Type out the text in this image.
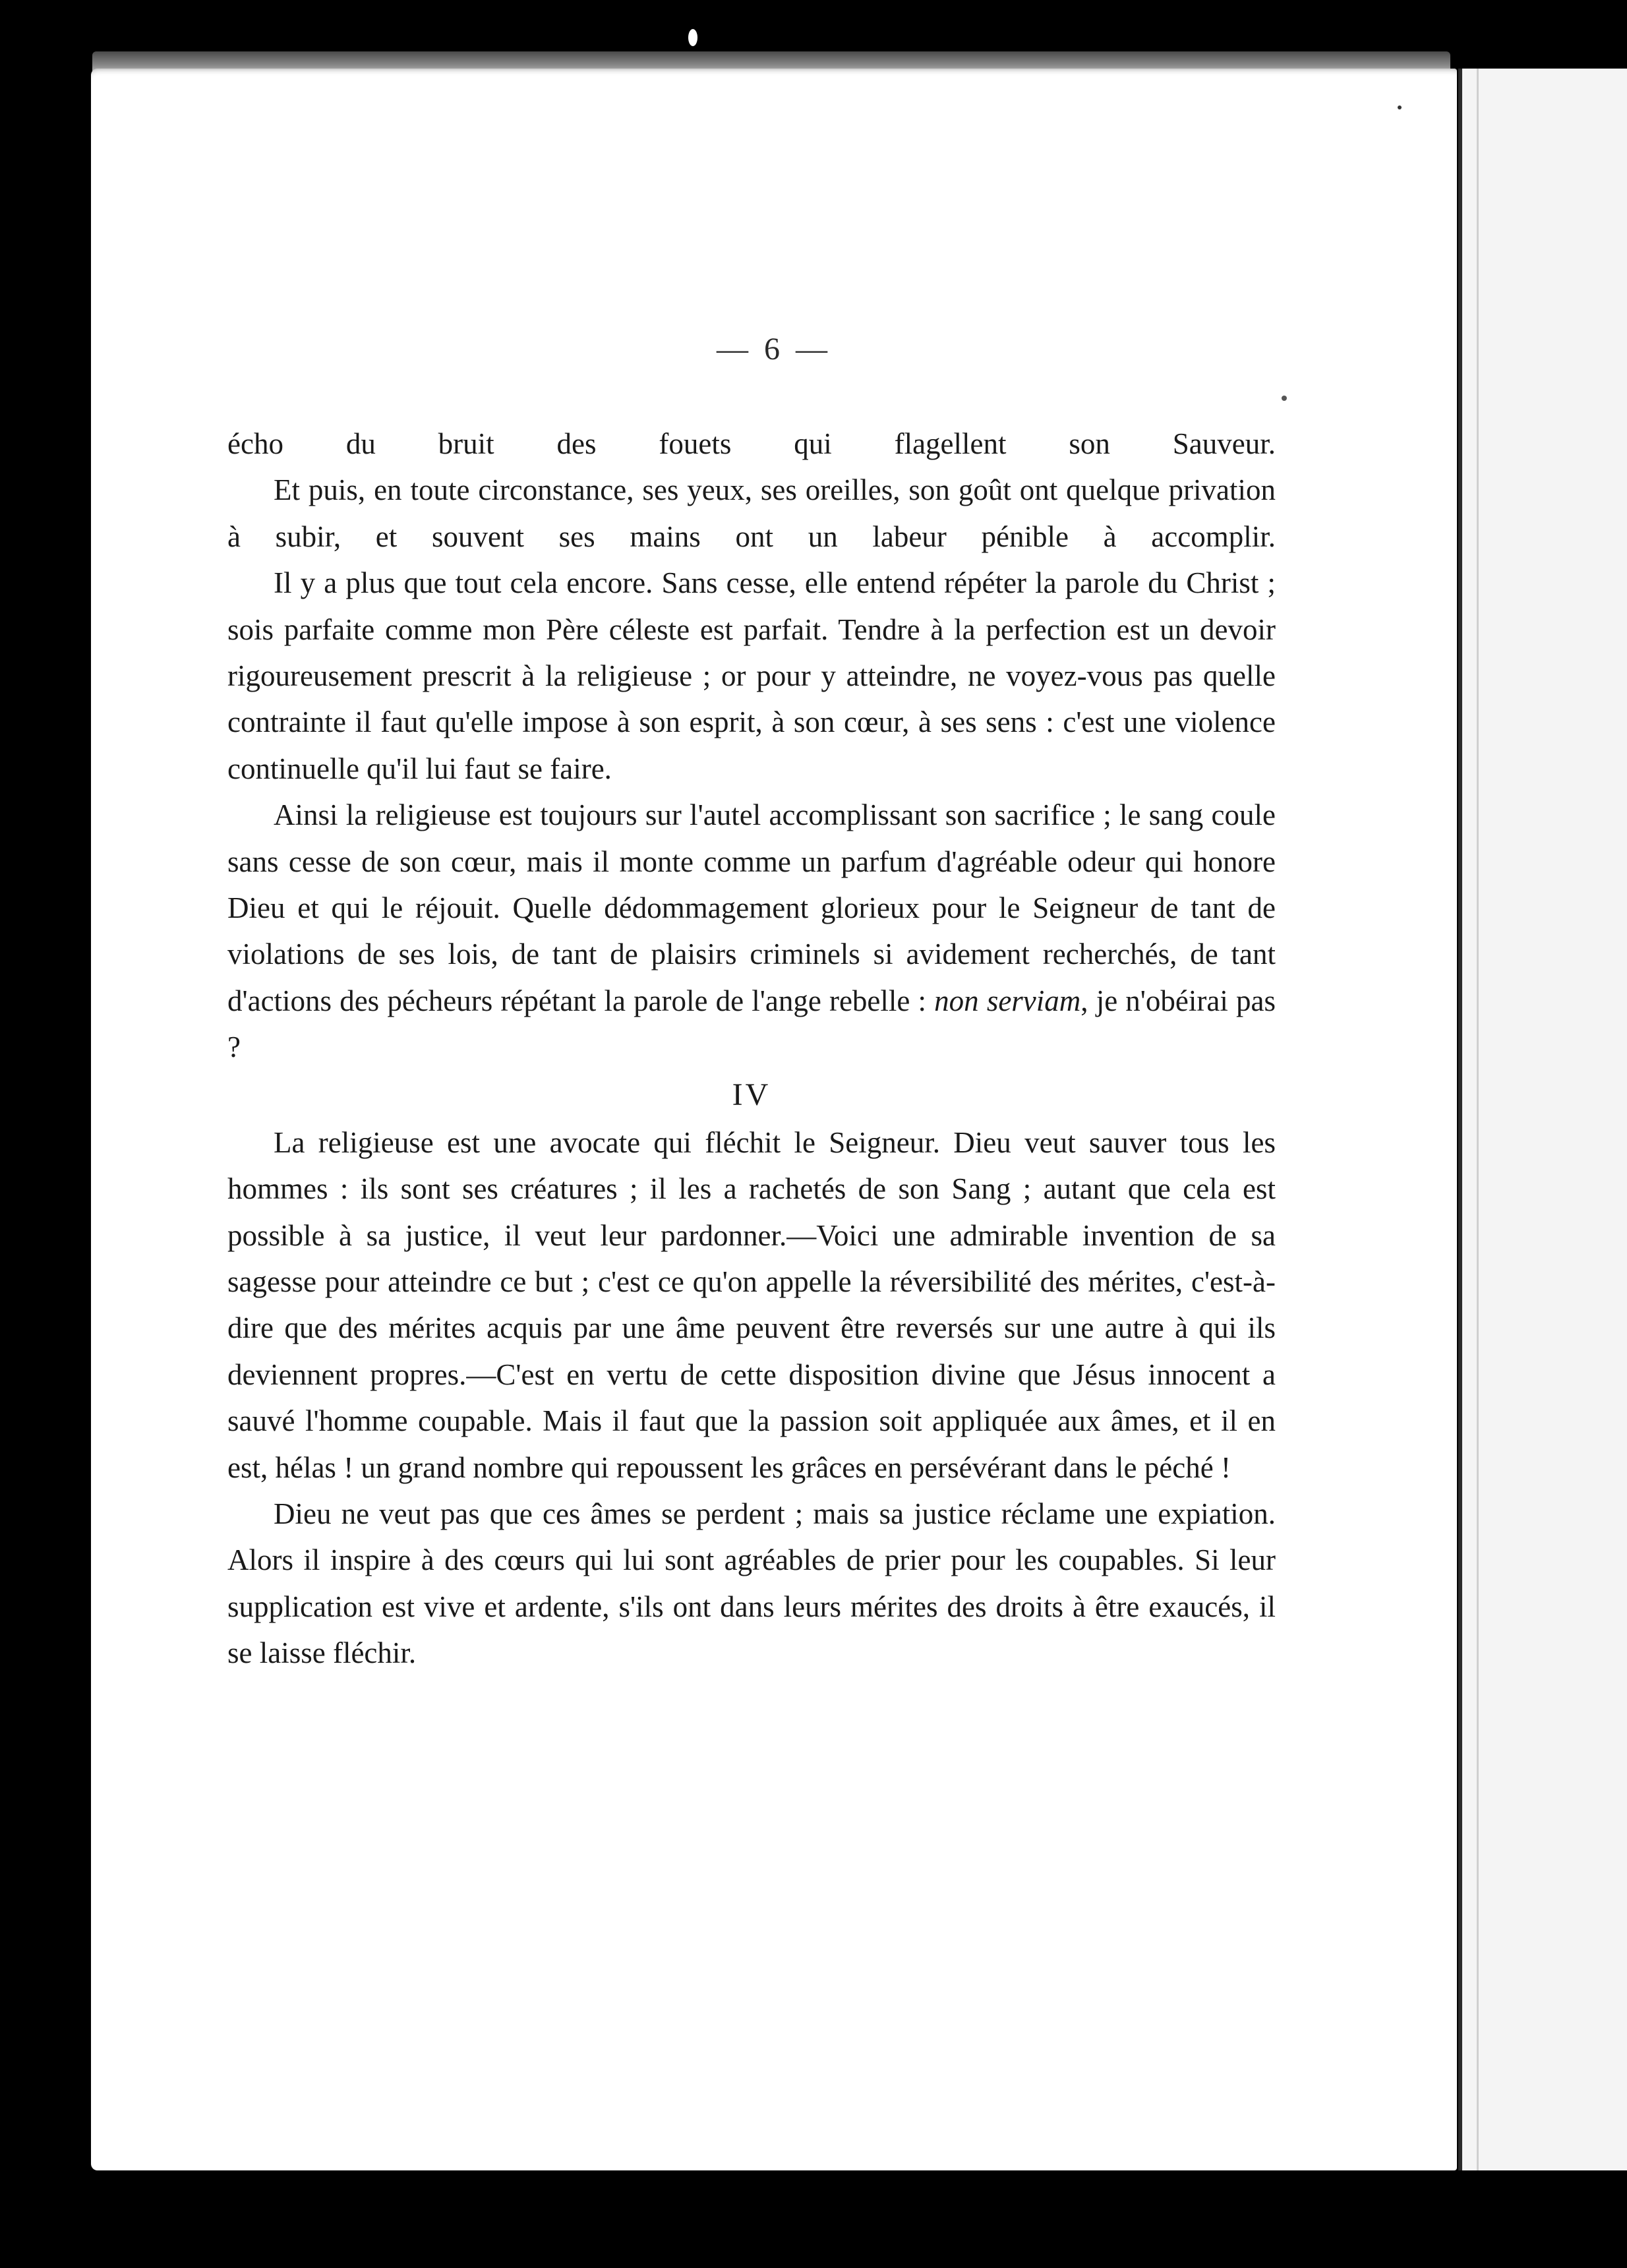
— 6 —

écho du bruit des fouets qui flagellent son Sauveur.

Et puis, en toute circonstance, ses yeux, ses oreilles, son goût ont quelque privation à subir, et souvent ses mains ont un labeur pénible à accomplir.

Il y a plus que tout cela encore. Sans cesse, elle entend répéter la parole du Christ ; sois parfaite comme mon Père céleste est parfait. Tendre à la perfection est un devoir rigoureusement prescrit à la religieuse ; or pour y atteindre, ne voyez-vous pas quelle contrainte il faut qu'elle impose à son esprit, à son cœur, à ses sens : c'est une violence continuelle qu'il lui faut se faire.

Ainsi la religieuse est toujours sur l'autel accomplissant son sacrifice ; le sang coule sans cesse de son cœur, mais il monte comme un parfum d'agréable odeur qui honore Dieu et qui le réjouit. Quelle dédommagement glorieux pour le Seigneur de tant de violations de ses lois, de tant de plaisirs criminels si avidement recherchés, de tant d'actions des pécheurs répétant la parole de l'ange rebelle : non serviam, je n'obéirai pas ?

IV

La religieuse est une avocate qui fléchit le Seigneur. Dieu veut sauver tous les hommes : ils sont ses créatures ; il les a rachetés de son Sang ; autant que cela est possible à sa justice, il veut leur pardonner.—Voici une admirable invention de sa sagesse pour atteindre ce but ; c'est ce qu'on appelle la réversibilité des mérites, c'est-à-dire que des mérites acquis par une âme peuvent être reversés sur une autre à qui ils deviennent propres.—C'est en vertu de cette disposition divine que Jésus innocent a sauvé l'homme coupable. Mais il faut que la passion soit appliquée aux âmes, et il en est, hélas ! un grand nombre qui repoussent les grâces en persévérant dans le péché !

Dieu ne veut pas que ces âmes se perdent ; mais sa justice réclame une expiation. Alors il inspire à des cœurs qui lui sont agréables de prier pour les coupables. Si leur supplication est vive et ardente, s'ils ont dans leurs mérites des droits à être exaucés, il se laisse fléchir.
